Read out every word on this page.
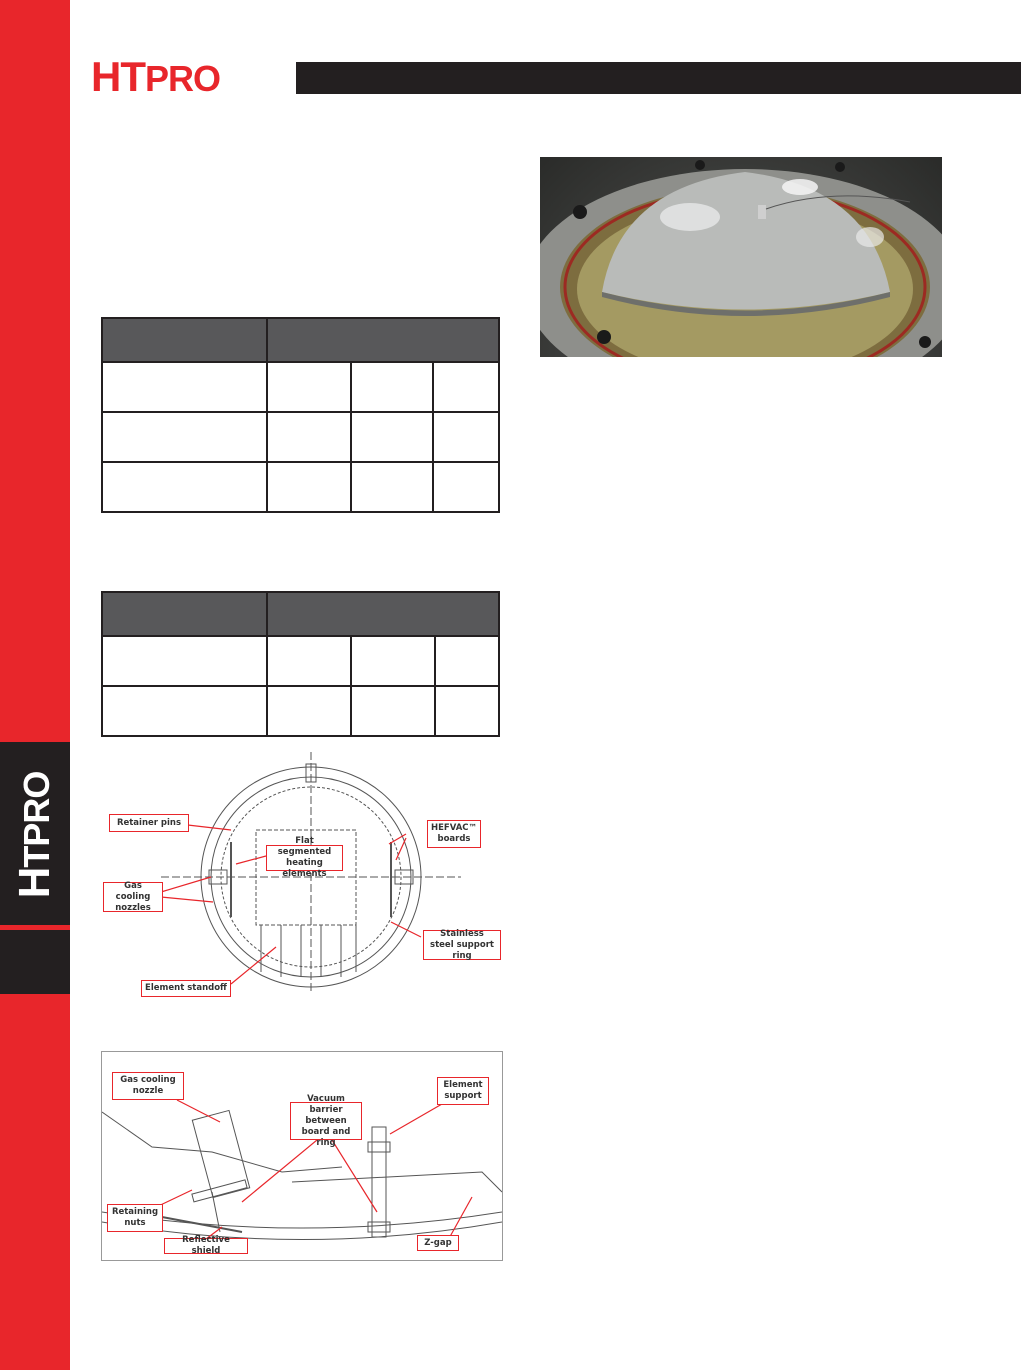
HTPRO
HTPRO

Retainer pins
Flat segmented heating elements
HEFVAC™ boards
Gas cooling nozzles
Stainless steel support ring
Element standoff
Gas cooling nozzle
Element support
Vacuum barrier between board and ring
Retaining nuts
Reflective shield
Z-gap
